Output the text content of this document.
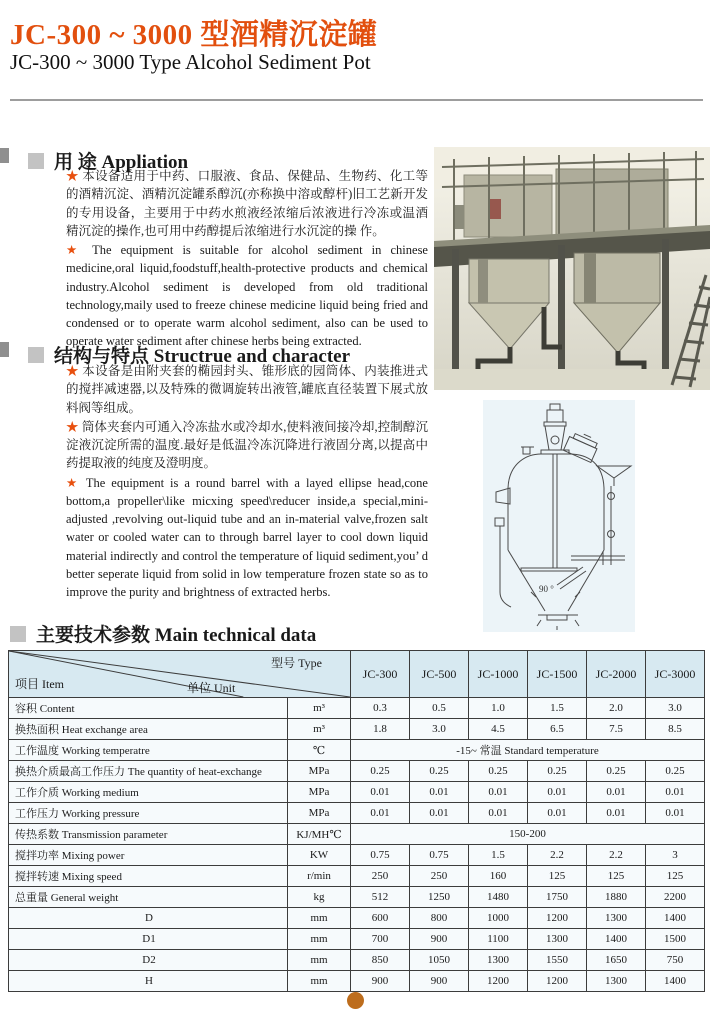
JC-300 ~ 3000 型酒精沉淀罐
JC-300 ~ 3000 Type Alcohol Sediment Pot
用 途 Appliation

★ 本设备适用于中药、口服液、食品、保健品、生物药、化工等的酒精沉淀、酒精沉淀罐系醇沉(亦称换中溶或醇杆)旧工艺新开发的专用设备，主要用于中药水煎液经浓缩后浓液进行冷冻或温酒精沉淀的操作,也可用中药醇提后浓缩进行水沉淀的操 作。

★ The equipment is suitable for alcohol sediment in chinese medicine,oral liquid,foodstuff,health-protective products and chemical industry.Alcohol sediment is developed from old traditional technology,maily used to freeze chinese medicine liquid being fried and condensed or to operate warm alcohol sediment, also can be used to operate water sediment after chinese herbs being extracted.

结构与特点 Structrue and character

★ 本设备是由附夹套的椭园封头、锥形底的园筒体、内装推进式的搅拌减速器,以及特殊的微调旋转出液管,罐底直径装置下展式放料阀等组成。

★ 筒体夹套内可通入冷冻盐水或冷却水,使料液间接冷却,控制醇沉淀液沉淀所需的温度.最好是低温冷冻沉降进行液固分离,以提高中药提取液的纯度及澄明度。

★ The equipment is a round barrel with a layed ellipse head,cone bottom,a propeller\like micxing speed\reducer inside,a special,mini-adjusted ,revolving out-liquid tube and an in-material valve,frozen salt water or cooled water can to through barrel layer to cool down liquid material indirectly and control the temperature of liquid sediment,you’ d better seperate liquid from solid in low temperature frozen state so as to improve the purity and brightness of extracted herbs.	90 °
主要技术参数 Main technical data
项目 Item 单位 Unit
型号 Type		JC-300	JC-500	JC-1000	JC-1500	JC-2000	JC-3000
容积 Content	m³	0.3	0.5	1.0	1.5	2.0	3.0
换热面积 Heat exchange area	m³	1.8	3.0	4.5	6.5	7.5	8.5
工作温度 Working temperatre	℃	-15~ 常温 Standard temperature					
换热介质最高工作压力 The quantity of heat-exchange	MPa	0.25	0.25	0.25	0.25	0.25	0.25
工作介质 Working medium	MPa	0.01	0.01	0.01	0.01	0.01	0.01
工作压力 Working pressure	MPa	0.01	0.01	0.01	0.01	0.01	0.01
传热系数 Transmission parameter	KJ/MH℃	150-200					
搅拌功率 Mixing power	KW	0.75	0.75	1.5	2.2	2.2	3
搅拌转速 Mixing speed	r/min	250	250	160	125	125	125
总重量 General weight	kg	512	1250	1480	1750	1880	2200
D	mm	600	800	1000	1200	1300	1400
D1	mm	700	900	1100	1300	1400	1500
D2	mm	850	1050	1300	1550	1650	750
H	mm	900	900	1200	1200	1300	1400
